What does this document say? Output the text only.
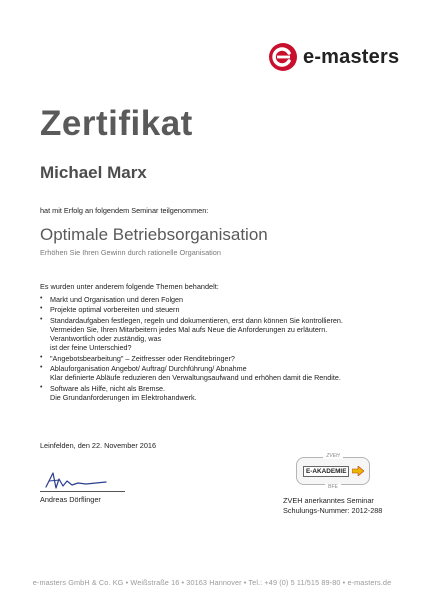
e-masters
Zertifikat
Michael Marx
hat mit Erfolg an folgendem Seminar teilgenommen:
Optimale Betriebsorganisation
Erhöhen Sie Ihren Gewinn durch rationelle Organisation
Es wurden unter anderem folgende Themen behandelt:
• Markt und Organisation und deren Folgen
• Projekte optimal vorbereiten und steuern
• Standardaufgaben festlegen, regeln und dokumentieren, erst dann können Sie kontrollieren.
Vermeiden Sie, Ihren Mitarbeitern jedes Mal aufs Neue die Anforderungen zu erläutern.
Verantwortlich oder zuständig, was
ist der feine Unterschied?
• "Angebotsbearbeitung" – Zeitfresser oder Renditebringer?
• Ablauforganisation Angebot/ Auftrag/ Durchführung/ Abnahme
Klar definierte Abläufe reduzieren den Verwaltungsaufwand und erhöhen damit die Rendite.
• Software als Hilfe, nicht als Bremse.
Die Grundanforderungen im Elektrohandwerk.
Leinfelden, den 22. November 2016
Andreas Dörflinger
ZVEH
E-AKADEMIE
BFE
ZVEH anerkanntes Seminar
Schulungs-Nummer: 2012-288
e-masters GmbH & Co. KG • Weißstraße 16 • 30163 Hannover • Tel.: +49 (0) 5 11/515 89-80 • e-masters.de
